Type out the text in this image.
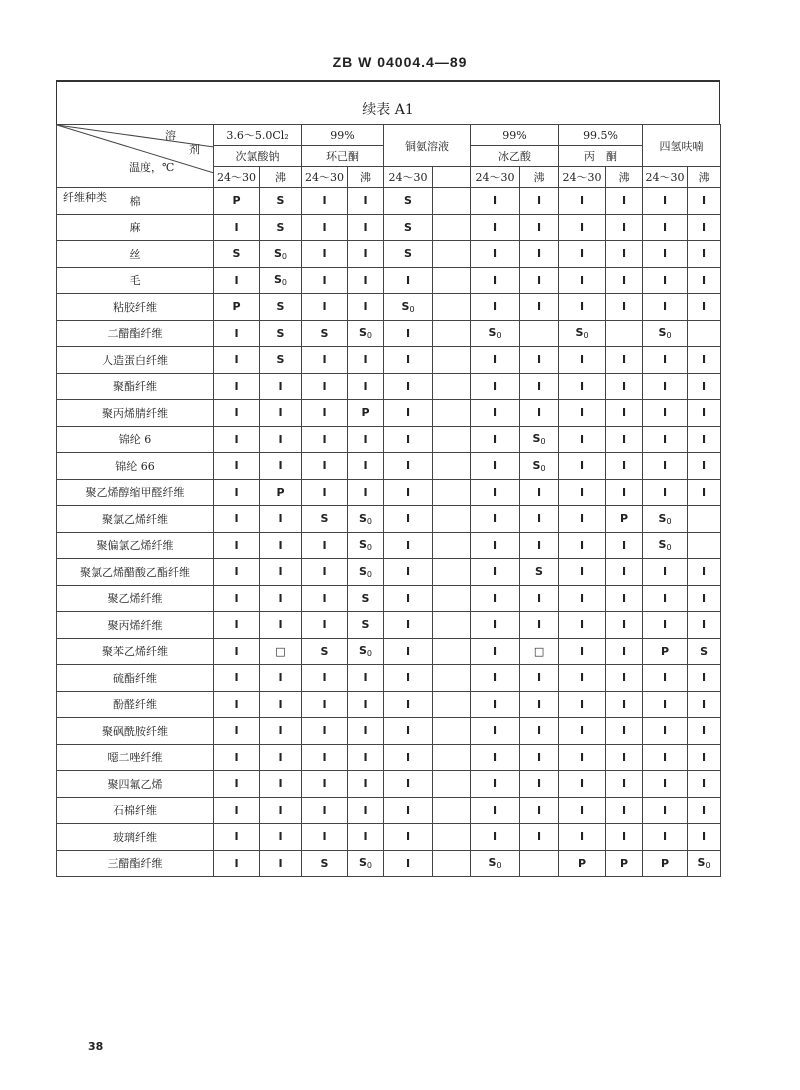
ZB W 04004.4—89
续表 A1
溶
剂
温度，℃
纤维种类	3.6～5.0Cl₂		99%		铜氨溶液		99%		99.5%		四氢呋喃	
	次氯酸钠		环己酮				冰乙酸		丙　酮			
	24～30	沸	24～30	沸	24～30		24～30	沸	24～30	沸	24～30	沸
棉	P	S	I	I	S		I	I	I	I	I	I
麻	I	S	I	I	S		I	I	I	I	I	I
丝	S	$S_0$	I	I	S		I	I	I	I	I	I
毛	I	$S_0$	I	I	I		I	I	I	I	I	I
粘胶纤维	P	S	I	I	$S_0$		I	I	I	I	I	I
二醋酯纤维	I	S	S	$S_0$	I		$S_0$		$S_0$		$S_0$	
人造蛋白纤维	I	S	I	I	I		I	I	I	I	I	I
聚酯纤维	I	I	I	I	I		I	I	I	I	I	I
聚丙烯腈纤维	I	I	I	P	I		I	I	I	I	I	I
锦纶 6	I	I	I	I	I		I	$S_0$	I	I	I	I
锦纶 66	I	I	I	I	I		I	$S_0$	I	I	I	I
聚乙烯醇缩甲醛纤维	I	P	I	I	I		I	I	I	I	I	I
聚氯乙烯纤维	I	I	S	$S_0$	I		I	I	I	P	$S_0$	
聚偏氯乙烯纤维	I	I	I	$S_0$	I		I	I	I	I	$S_0$	
聚氯乙烯醋酸乙酯纤维	I	I	I	$S_0$	I		I	S	I	I	I	I
聚乙烯纤维	I	I	I	S	I		I	I	I	I	I	I
聚丙烯纤维	I	I	I	S	I		I	I	I	I	I	I
聚苯乙烯纤维	I	□	S	$S_0$	I		I	□	I	I	P	S
硫酯纤维	I	I	I	I	I		I	I	I	I	I	I
酚醛纤维	I	I	I	I	I		I	I	I	I	I	I
聚砜酰胺纤维	I	I	I	I	I		I	I	I	I	I	I
噁二唑纤维	I	I	I	I	I		I	I	I	I	I	I
聚四氟乙烯	I	I	I	I	I		I	I	I	I	I	I
石棉纤维	I	I	I	I	I		I	I	I	I	I	I
玻璃纤维	I	I	I	I	I		I	I	I	I	I	I
三醋酯纤维	I	I	S	$S_0$	I		$S_0$		P	P	P	$S_0$
38
